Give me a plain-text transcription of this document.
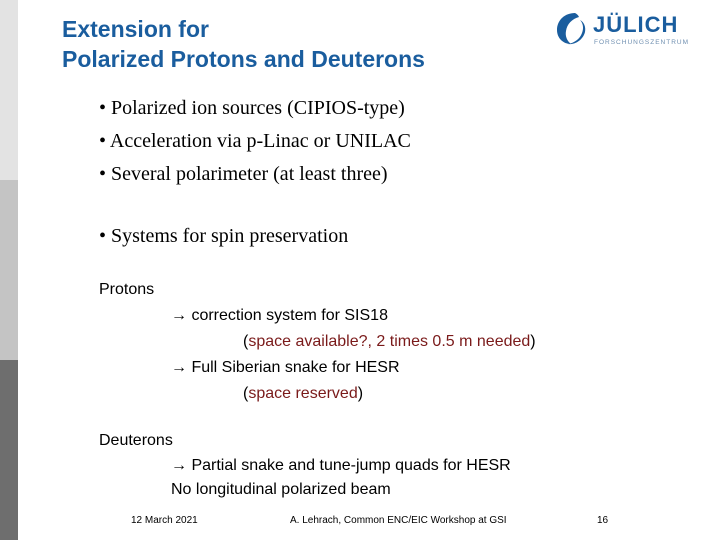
Extension for
Polarized Protons and Deuterons
JÜLICH
FORSCHUNGSZENTRUM
• Polarized ion sources (CIPIOS-type)
• Acceleration via p-Linac or UNILAC
• Several polarimeter (at least three)
• Systems for spin preservation
Protons
→ correction system for SIS18
(space available?, 2 times 0.5 m needed)
→ Full Siberian snake for HESR
(space reserved)
Deuterons
→ Partial snake and tune-jump quads for HESR
No longitudinal polarized beam
12 March 2021	A. Lehrach, Common ENC/EIC Workshop at GSI	16
